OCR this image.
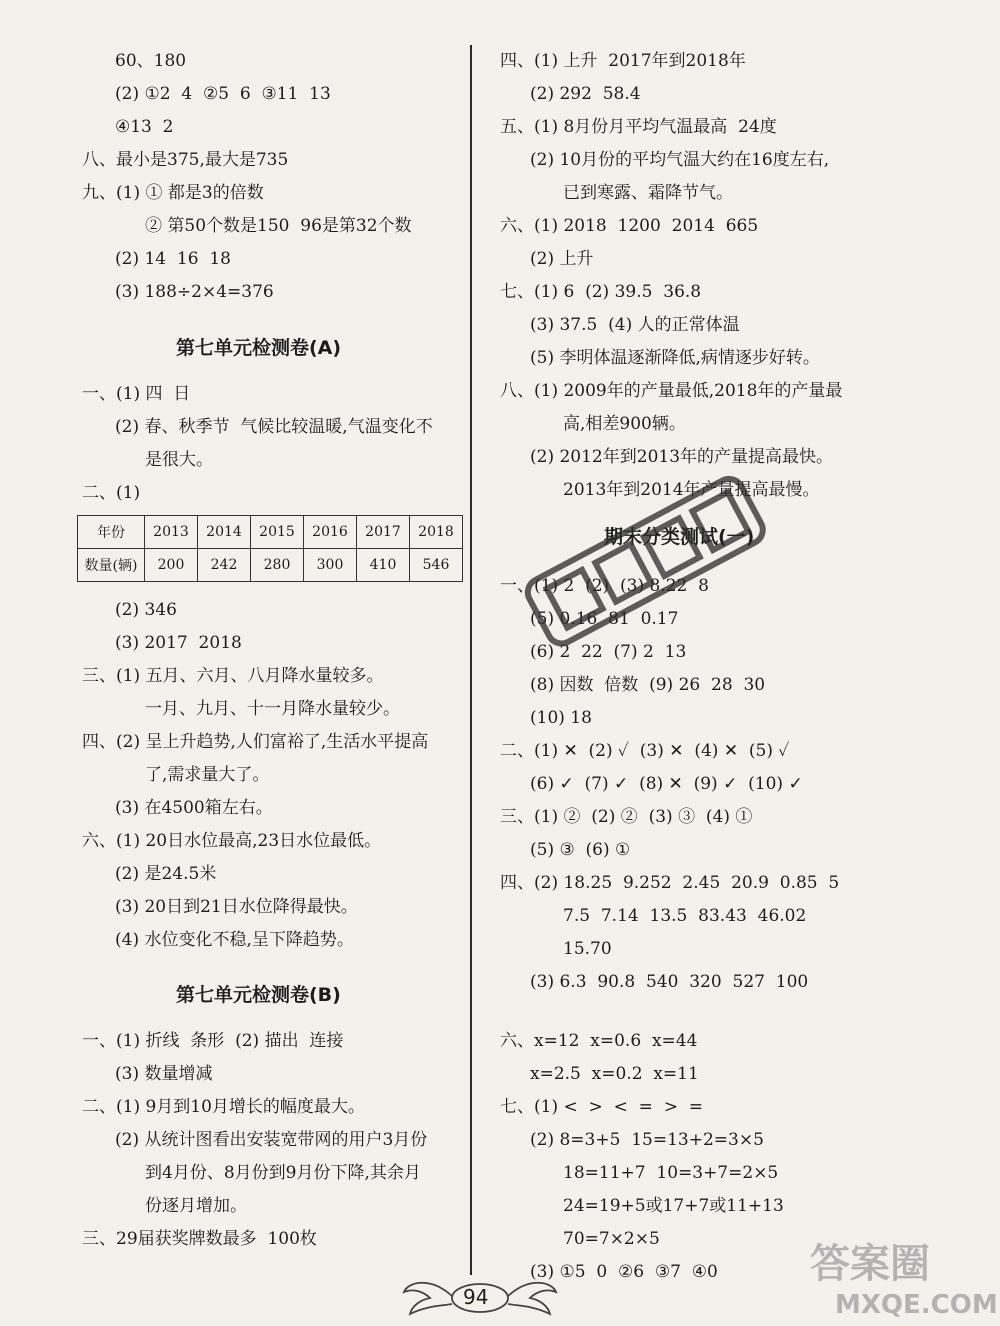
60、180
(2) ①2  4  ②5  6  ③11  13
④13  2
八、最小是375,最大是735
九、(1) ① 都是3的倍数
② 第50个数是150  96是第32个数
(2) 14  16  18
(3) 188÷2×4=376
第七单元检测卷(A)
一、(1) 四  日
(2) 春、秋季节  气候比较温暖,气温变化不
是很大。
二、(1)
年份	2013	2014	2015	2016	2017	2018
数量(辆)	200	242	280	300	410	546
(2) 346
(3) 2017  2018
三、(1) 五月、六月、八月降水量较多。
一月、九月、十一月降水量较少。
四、(2) 呈上升趋势,人们富裕了,生活水平提高
了,需求量大了。
(3) 在4500箱左右。
六、(1) 20日水位最高,23日水位最低。
(2) 是24.5米
(3) 20日到21日水位降得最快。
(4) 水位变化不稳,呈下降趋势。
第七单元检测卷(B)
一、(1) 折线  条形  (2) 描出  连接
(3) 数量增减
二、(1) 9月到10月增长的幅度最大。
(2) 从统计图看出安装宽带网的用户3月份
到4月份、8月份到9月份下降,其余月
份逐月增加。
三、29届获奖牌数最多  100枚
四、(1) 上升  2017年到2018年
(2) 292  58.4
五、(1) 8月份月平均气温最高  24度
(2) 10月份的平均气温大约在16度左右,
已到寒露、霜降节气。
六、(1) 2018  1200  2014  665
(2) 上升
七、(1) 6  (2) 39.5  36.8
(3) 37.5  (4) 人的正常体温
(5) 李明体温逐渐降低,病情逐步好转。
八、(1) 2009年的产量最低,2018年的产量最
高,相差900辆。
(2) 2012年到2013年的产量提高最快。
2013年到2014年产量提高最慢。
期末分类测试(一)
一、(1) 2  (2)  (3) 8.22  8
(5) 0.16  81  0.17
(6) 2  22  (7) 2  13
(8) 因数  倍数  (9) 26  28  30
(10) 18
二、(1) ✕  (2) ✓  (3) ✕  (4) ✕  (5) ✓
(6) ✓  (7) ✓  (8) ✕  (9) ✓  (10) ✓
三、(1) ②  (2) ②  (3) ③  (4) ①
(5) ③  (6) ①
四、(2) 18.25  9.252  2.45  20.9  0.85  5
7.5  7.14  13.5  83.43  46.02
15.70
(3) 6.3  90.8  540  320  527  100
六、x=12  x=0.6  x=44
x=2.5  x=0.2  x=11
七、(1) <  >  <  =  >  =
(2) 8=3+5  15=13+2=3×5
18=11+7  10=3+7=2×5
24=19+5或17+7或11+13
70=7×2×5
(3) ①5  0  ②6  ③7  ④0
94
答案圈
MXQE.COM
